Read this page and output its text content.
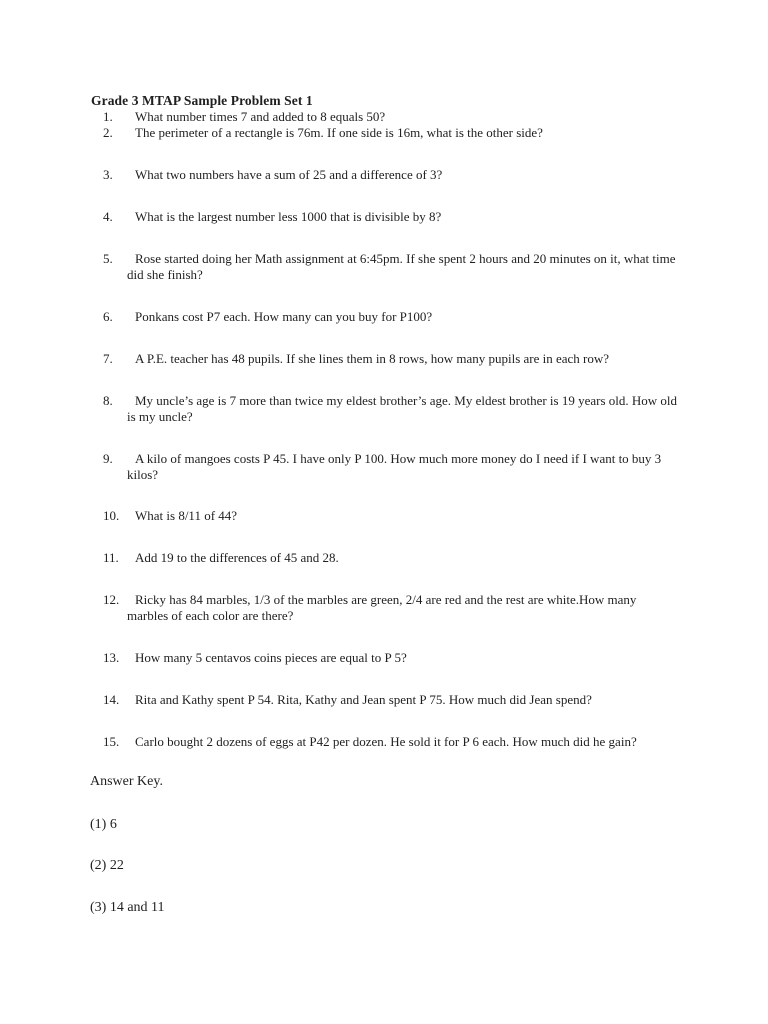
Grade 3 MTAP Sample Problem Set 1
1.	What number times 7 and added to 8 equals 50?
2.	The perimeter of a rectangle is 76m. If one side is 16m, what is the other side?
3.	What two numbers have a sum of 25 and a difference of 3?
4.	What is the largest number less 1000 that is divisible by 8?
5.	Rose started doing her Math assignment at 6:45pm. If she spent 2 hours and 20 minutes on it, what time did she finish?
6.	Ponkans cost P7 each. How many can you buy for P100?
7.	A P.E. teacher has 48 pupils. If she lines them in 8 rows, how many pupils are in each row?
8.	My uncle’s age is 7 more than twice my eldest brother’s age. My eldest brother is 19 years old. How old is my uncle?
9.	A kilo of mangoes costs P 45. I have only P 100. How much more money do I need if I want to buy 3 kilos?
10.	What is 8/11 of 44?
11.	Add 19 to the differences of 45 and 28.
12.	Ricky has 84 marbles, 1/3 of the marbles are green, 2/4 are red and the rest are white.How many marbles of each color are there?
13.	How many 5 centavos coins pieces are equal to P 5?
14.	Rita and Kathy spent P 54. Rita, Kathy and Jean spent P 75. How much did Jean spend?
15.	Carlo bought 2 dozens of eggs at P42 per dozen. He sold it for P 6 each. How much did he gain?
Answer Key.
(1) 6
(2) 22
(3) 14 and 11
